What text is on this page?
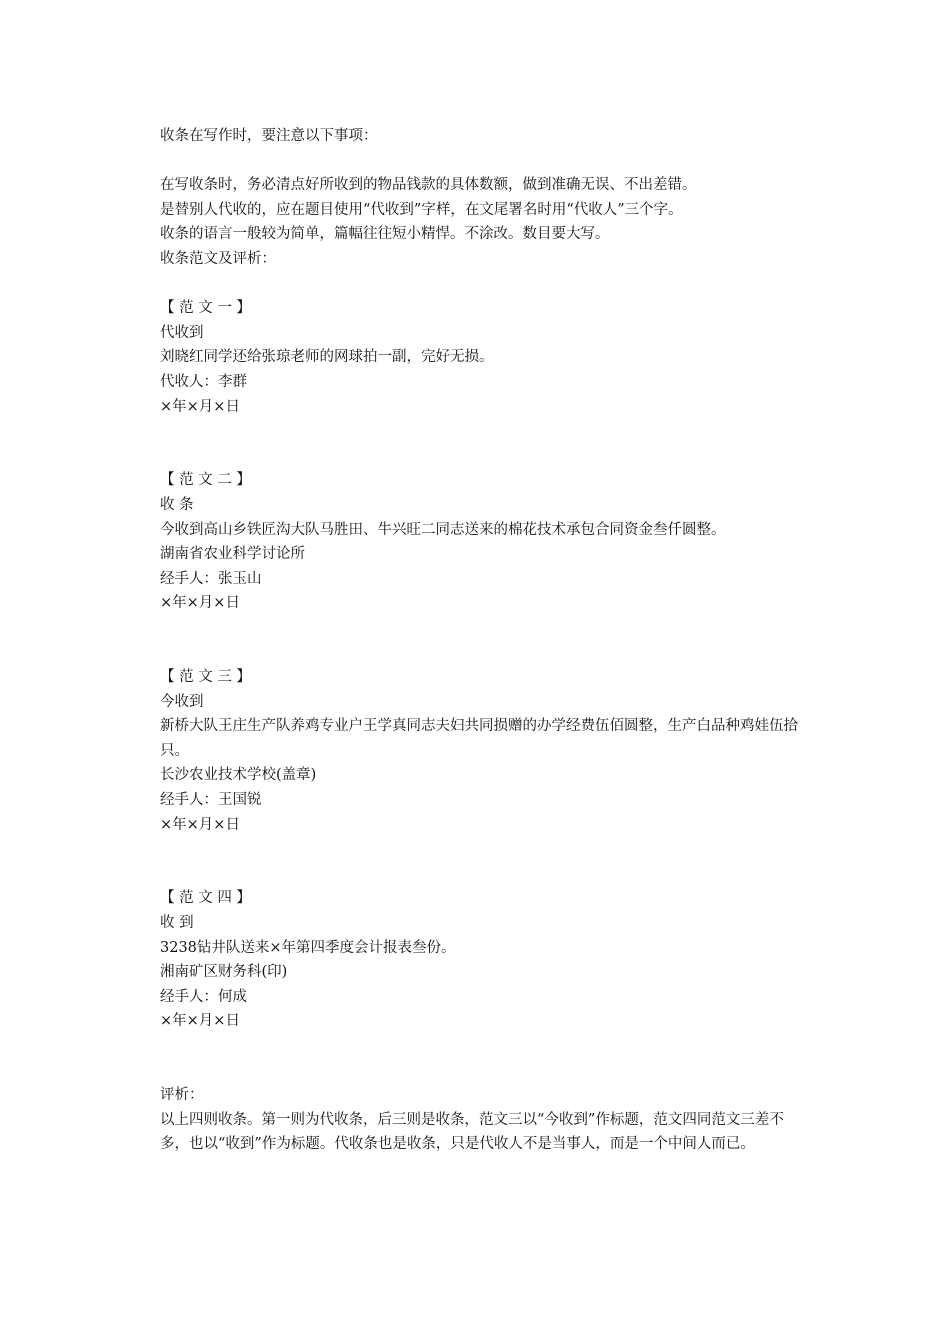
收条在写作时，要注意以下事项：
在写收条时，务必清点好所收到的物品钱款的具体数额，做到准确无误、不出差错。
是替别人代收的，应在题目使用“代收到”字样，在文尾署名时用“代收人”三个字。
收条的语言一般较为简单，篇幅往往短小精悍。不涂改。数目要大写。
收条范文及评析：
【 范 文 一 】
代收到
刘晓红同学还给张琼老师的网球拍一副，完好无损。
代收人：李群
×年×月×日
【 范 文 二 】
收 条
今收到高山乡铁匠沟大队马胜田、牛兴旺二同志送来的棉花技术承包合同资金叁仟圆整。
湖南省农业科学讨论所
经手人：张玉山
×年×月×日
【 范 文 三 】
今收到
新桥大队王庄生产队养鸡专业户王学真同志夫妇共同损赠的办学经费伍佰圆整，生产白品种鸡娃伍拾只。
长沙农业技术学校(盖章)
经手人：王国锐
×年×月×日
【 范 文 四 】
收 到
3238钻井队送来×年第四季度会计报表叁份。
湘南矿区财务科(印)
经手人：何成
×年×月×日
评析：
以上四则收条。第一则为代收条，后三则是收条，范文三以“今收到”作标题，范文四同范文三差不多，也以“收到”作为标题。代收条也是收条，只是代收人不是当事人，而是一个中间人而已。
